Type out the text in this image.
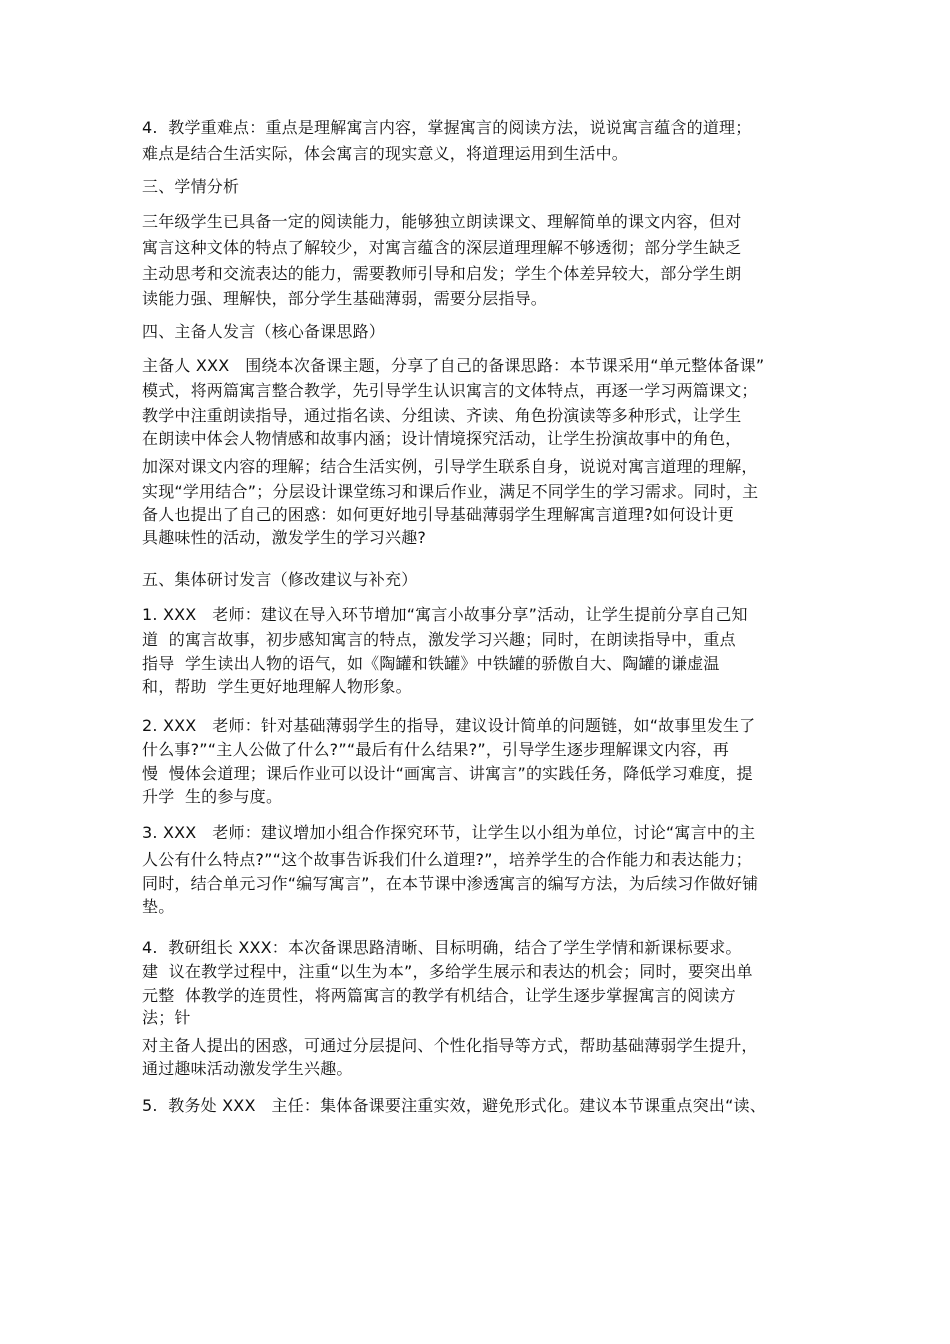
4.  教学重难点：重点是理解寓言内容，掌握寓言的阅读方法，说说寓言蕴含的道理；
难点是结合生活实际，体会寓言的现实意义，将道理运用到生活中。
三、学情分析
三年级学生已具备一定的阅读能力，能够独立朗读课文、理解简单的课文内容，但对
寓言这种文体的特点了解较少，对寓言蕴含的深层道理理解不够透彻；部分学生缺乏
主动思考和交流表达的能力，需要教师引导和启发；学生个体差异较大，部分学生朗
读能力强、理解快，部分学生基础薄弱，需要分层指导。
四、主备人发言（核心备课思路）
主备人 XXX   围绕本次备课主题，分享了自己的备课思路：本节课采用“单元整体备课”
模式，将两篇寓言整合教学，先引导学生认识寓言的文体特点，再逐一学习两篇课文；
教学中注重朗读指导，通过指名读、分组读、齐读、角色扮演读等多种形式，让学生
在朗读中体会人物情感和故事内涵；设计情境探究活动，让学生扮演故事中的角色，
加深对课文内容的理解；结合生活实例，引导学生联系自身，说说对寓言道理的理解，
实现“学用结合”；分层设计课堂练习和课后作业，满足不同学生的学习需求。同时，主
备人也提出了自己的困惑：如何更好地引导基础薄弱学生理解寓言道理?如何设计更
具趣味性的活动，激发学生的学习兴趣?
五、集体研讨发言（修改建议与补充）
1. XXX   老师：建议在导入环节增加“寓言小故事分享”活动，让学生提前分享自己知
道  的寓言故事，初步感知寓言的特点，激发学习兴趣；同时，在朗读指导中，重点
指导  学生读出人物的语气，如《陶罐和铁罐》中铁罐的骄傲自大、陶罐的谦虚温
和，帮助  学生更好地理解人物形象。
2. XXX   老师：针对基础薄弱学生的指导，建议设计简单的问题链，如“故事里发生了
什么事?”“主人公做了什么?”“最后有什么结果?”，引导学生逐步理解课文内容，再
慢  慢体会道理；课后作业可以设计“画寓言、讲寓言”的实践任务，降低学习难度，提
升学  生的参与度。
3. XXX   老师：建议增加小组合作探究环节，让学生以小组为单位，讨论“寓言中的主
人公有什么特点?”“这个故事告诉我们什么道理?”，培养学生的合作能力和表达能力；
同时，结合单元习作“编写寓言”，在本节课中渗透寓言的编写方法，为后续习作做好铺
垫。
4.  教研组长 XXX：本次备课思路清晰、目标明确，结合了学生学情和新课标要求。
建  议在教学过程中，注重“以生为本”，多给学生展示和表达的机会；同时，要突出单
元整  体教学的连贯性，将两篇寓言的教学有机结合，让学生逐步掌握寓言的阅读方
法；针
对主备人提出的困惑，可通过分层提问、个性化指导等方式，帮助基础薄弱学生提升，
通过趣味活动激发学生兴趣。
5.  教务处 XXX   主任：集体备课要注重实效，避免形式化。建议本节课重点突出“读、
